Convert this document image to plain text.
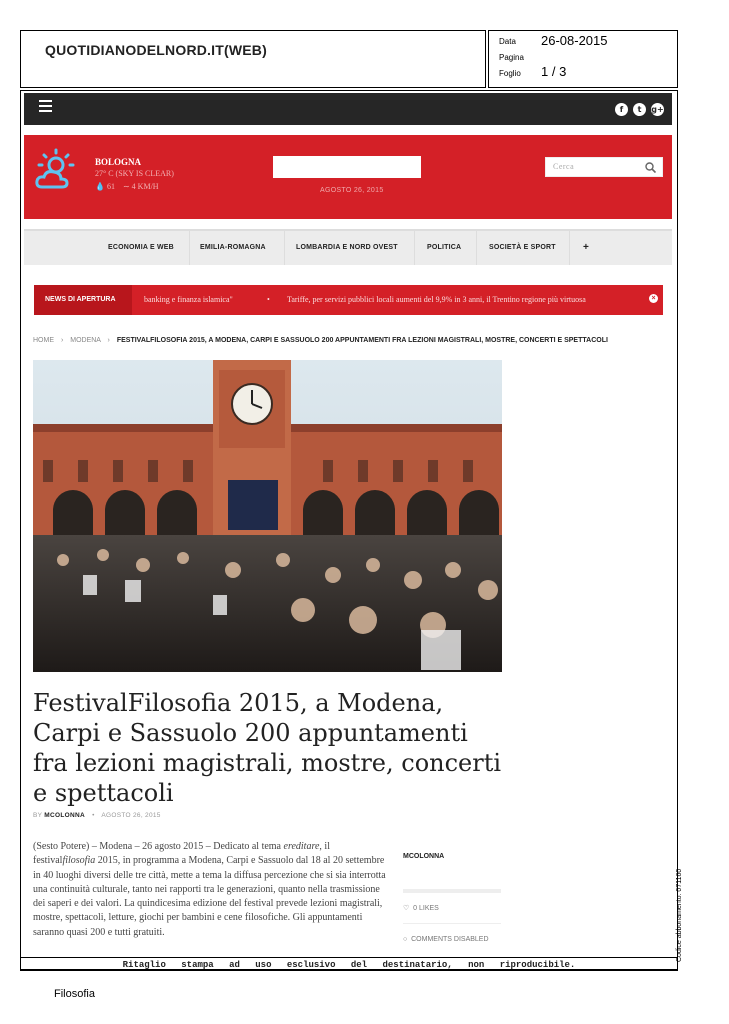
QUOTIDIANODELNORD.IT(WEB)
Data 26-08-2015
Pagina
Foglio 1 / 3
f	t	g+
BOLOGNA
27° C (SKY IS CLEAR)
💧 61 ∼ 4 KM/H	AGOSTO 26, 2015
Cerca
ECONOMIA E WEB	EMILIA-ROMAGNA	LOMBARDIA E NORD OVEST	POLITICA	SOCIETÀ E SPORT	+
NEWS DI APERTURA	banking e finanza islamica"	• Tariffe, per servizi pubblici locali aumenti del 9,9% in 3 anni, il Trentino regione più virtuosa	×
HOME › MODENA › FESTIVALFILOSOFIA 2015, A MODENA, CARPI E SASSUOLO 200 APPUNTAMENTI FRA LEZIONI MAGISTRALI, MOSTRE, CONCERTI E SPETTACOLI
FestivalFilosofia 2015, a Modena, Carpi e Sassuolo 200 appuntamenti fra lezioni magistrali, mostre, concerti e spettacoli
BY MCOLONNA • AGOSTO 26, 2015
(Sesto Potere) – Modena – 26 agosto 2015 – Dedicato al tema ereditare, il festivalfilosofia 2015, in programma a Modena, Carpi e Sassuolo dal 18 al 20 settembre in 40 luoghi diversi delle tre città, mette a tema la diffusa percezione che si sia interrotta una continuità culturale, tanto nei rapporti tra le generazioni, quanto nella trasmissione dei saperi e dei valori. La quindicesima edizione del festival prevede lezioni magistrali, mostre, spettacoli, letture, giochi per bambini e cene filosofiche. Gli appuntamenti saranno quasi 200 e tutti gratuiti.
MCOLONNA
♡ 0 LIKES
○ COMMENTS DISABLED	Codice abbonamento: 071160
Ritaglio stampa ad uso esclusivo del destinatario, non riproducibile.
Filosofia
